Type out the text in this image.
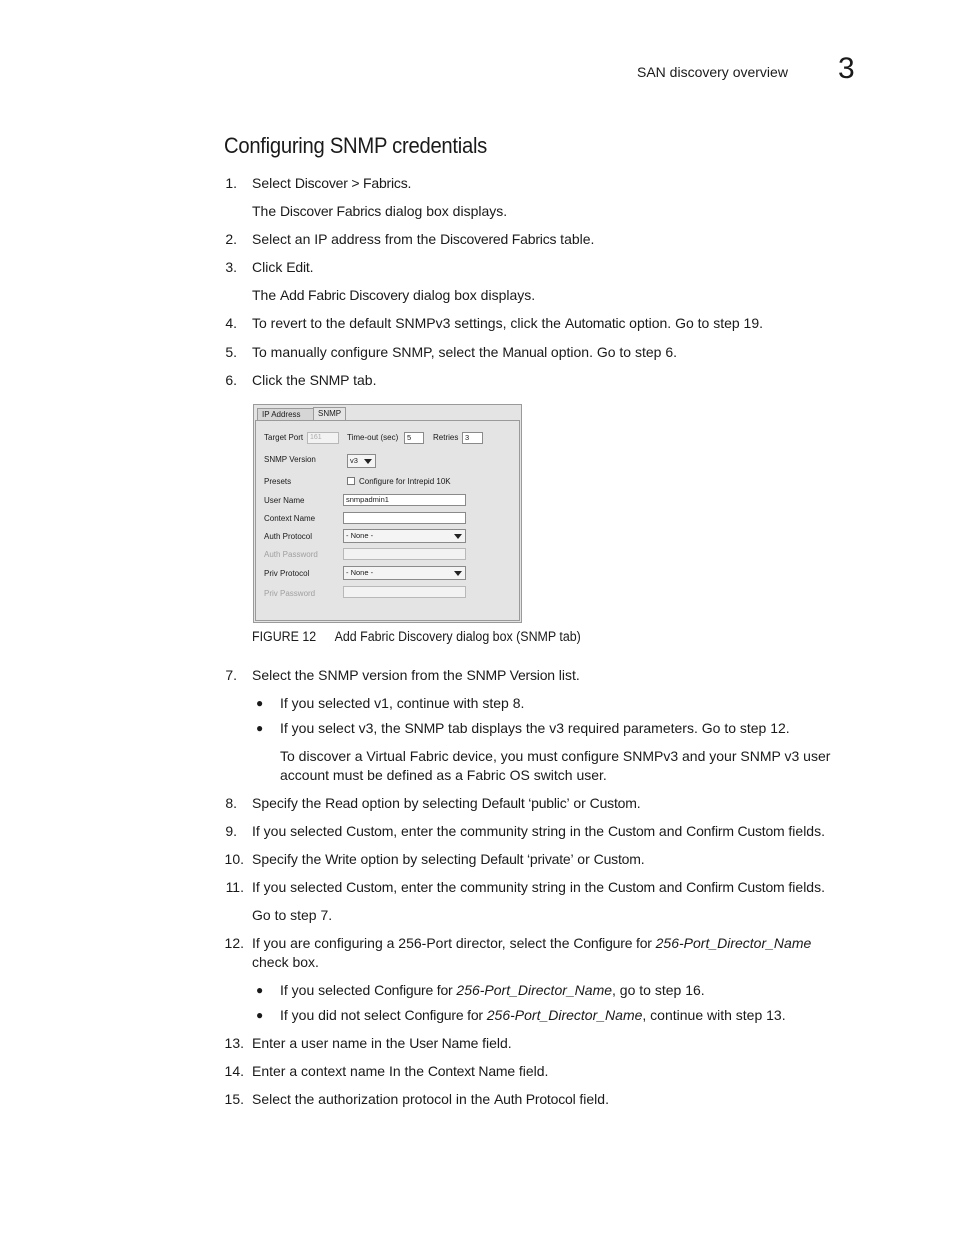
SAN discovery overview 3
Configuring SNMP credentials
1. Select Discover > Fabrics.
The Discover Fabrics dialog box displays.
2. Select an IP address from the Discovered Fabrics table.
3. Click Edit.
The Add Fabric Discovery dialog box displays.
4. To revert to the default SNMPv3 settings, click the Automatic option. Go to step 19.
5. To manually configure SNMP, select the Manual option. Go to step 6.
6. Click the SNMP tab.
IP Address	SNMP
Target Port 161	Time-out (sec)	5	Retries 3
SNMP Version	v3
Presets	Configure for Intrepid 10K
User Name	snmpadmin1
Context Name
Auth Protocol	- None -
Auth Password
Priv Protocol	- None -
Priv Password
FIGURE 12 Add Fabric Discovery dialog box (SNMP tab)
7. Select the SNMP version from the SNMP Version list.
● If you selected v1, continue with step 8.
● If you select v3, the SNMP tab displays the v3 required parameters. Go to step 12.
To discover a Virtual Fabric device, you must configure SNMPv3 and your SNMP v3 user
account must be defined as a Fabric OS switch user.
8. Specify the Read option by selecting Default ‘public’ or Custom.
9. If you selected Custom, enter the community string in the Custom and Confirm Custom fields.
10. Specify the Write option by selecting Default ‘private’ or Custom.
11. If you selected Custom, enter the community string in the Custom and Confirm Custom fields.
Go to step 7.
12. If you are configuring a 256-Port director, select the Configure for 256-Port_Director_Name
check box.
● If you selected Configure for 256-Port_Director_Name, go to step 16.
● If you did not select Configure for 256-Port_Director_Name, continue with step 13.
13. Enter a user name in the User Name field.
14. Enter a context name In the Context Name field.
15. Select the authorization protocol in the Auth Protocol field.
